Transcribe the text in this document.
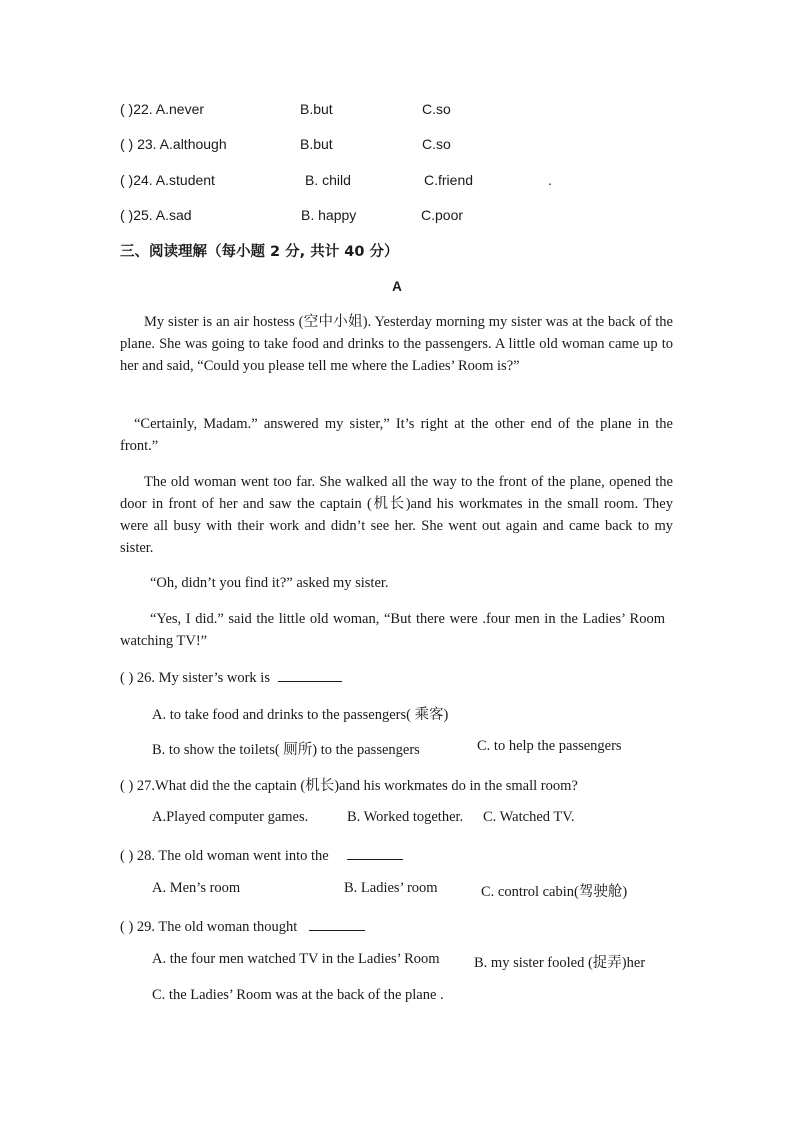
( )22. A.never	B.but	C.so
( ) 23. A.although	B.but	C.so
( )24. A.student	B. child	C.friend	.
( )25. A.sad	B. happy	C.poor
三、阅读理解（每小题 2 分, 共计 40 分）
A
My sister is an air hostess (空中小姐). Yesterday morning my sister was at the back of the plane. She was going to take food and drinks to the passengers. A little old woman came up to her and said, “Could you please tell me where the Ladies’ Room is?”
“Certainly, Madam.” answered my sister,” It’s right at the other end of the plane in the front.”
The old woman went too far. She walked all the way to the front of the plane, opened the door in front of her and saw the captain (机长)and his workmates in the small room. They were all busy with their work and didn’t see her. She went out again and came back to my sister.
“Oh, didn’t you find it?” asked my sister.
“Yes, I did.” said the little old woman, “But there were .four men in the Ladies’ Room watching TV!”
( ) 26. My sister’s work is
A. to take food and drinks to the passengers( 乘客)
B. to show the toilets( 厕所) to the passengers	C. to help the passengers
( ) 27.What did the the captain (机长)and his workmates do in the small room?
A.Played computer games.	B. Worked together. C. Watched TV.
( ) 28. The old woman went into the
A. Men’s room	B. Ladies’ room	C. control cabin(驾驶舱)
( ) 29. The old woman thought
A. the four men watched TV in the Ladies’ Room B. my sister fooled (捉弄)her
C. the Ladies’ Room was at the back of the plane .
